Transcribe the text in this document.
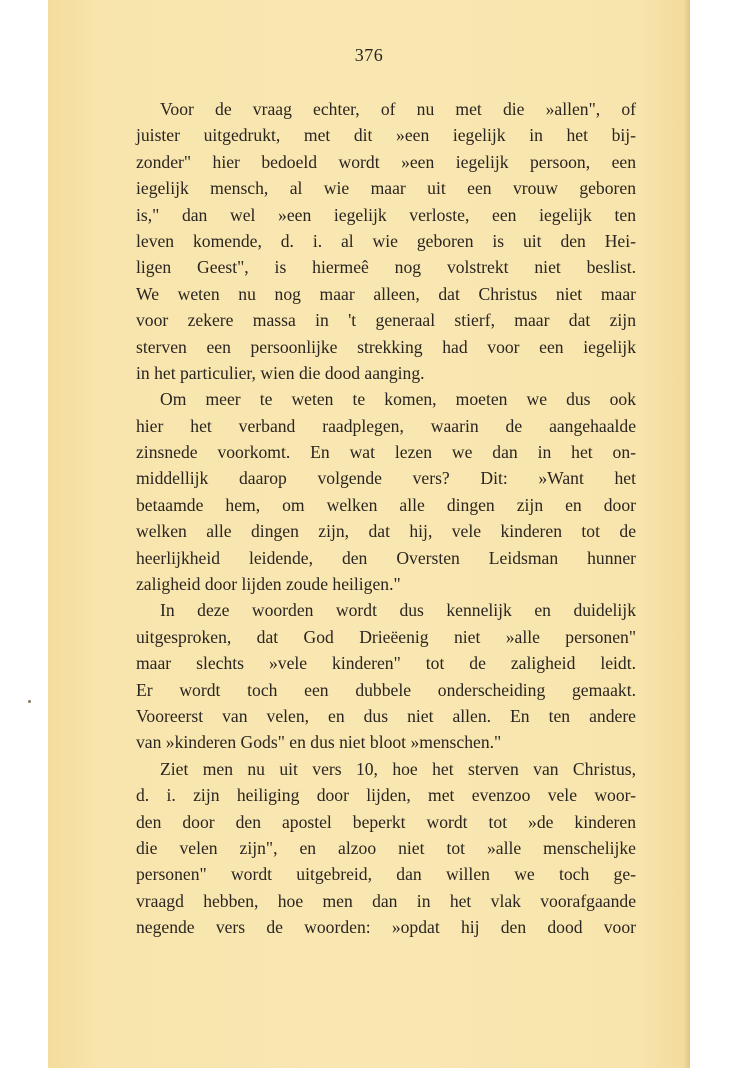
376
Voor de vraag echter, of nu met die »allen", of
juister uitgedrukt, met dit »een iegelijk in het bij-
zonder" hier bedoeld wordt »een iegelijk persoon, een
iegelijk mensch, al wie maar uit een vrouw geboren
is," dan wel »een iegelijk verloste, een iegelijk ten
leven komende, d. i. al wie geboren is uit den Hei-
ligen Geest", is hiermeê nog volstrekt niet beslist.
We weten nu nog maar alleen, dat Christus niet maar
voor zekere massa in 't generaal stierf, maar dat zijn
sterven een persoonlijke strekking had voor een iegelijk
in het particulier, wien die dood aanging.
Om meer te weten te komen, moeten we dus ook
hier het verband raadplegen, waarin de aangehaalde
zinsnede voorkomt. En wat lezen we dan in het on-
middellijk daarop volgende vers? Dit: »Want het
betaamde hem, om welken alle dingen zijn en door
welken alle dingen zijn, dat hij, vele kinderen tot de
heerlijkheid leidende, den Oversten Leidsman hunner
zaligheid door lijden zoude heiligen."
In deze woorden wordt dus kennelijk en duidelijk
uitgesproken, dat God Drieëenig niet »alle personen"
maar slechts »vele kinderen" tot de zaligheid leidt.
Er wordt toch een dubbele onderscheiding gemaakt.
Vooreerst van velen, en dus niet allen. En ten andere
van »kinderen Gods" en dus niet bloot »menschen."
Ziet men nu uit vers 10, hoe het sterven van Christus,
d. i. zijn heiliging door lijden, met evenzoo vele woor-
den door den apostel beperkt wordt tot »de kinderen
die velen zijn", en alzoo niet tot »alle menschelijke
personen" wordt uitgebreid, dan willen we toch ge-
vraagd hebben, hoe men dan in het vlak voorafgaande
negende vers de woorden: »opdat hij den dood voor
